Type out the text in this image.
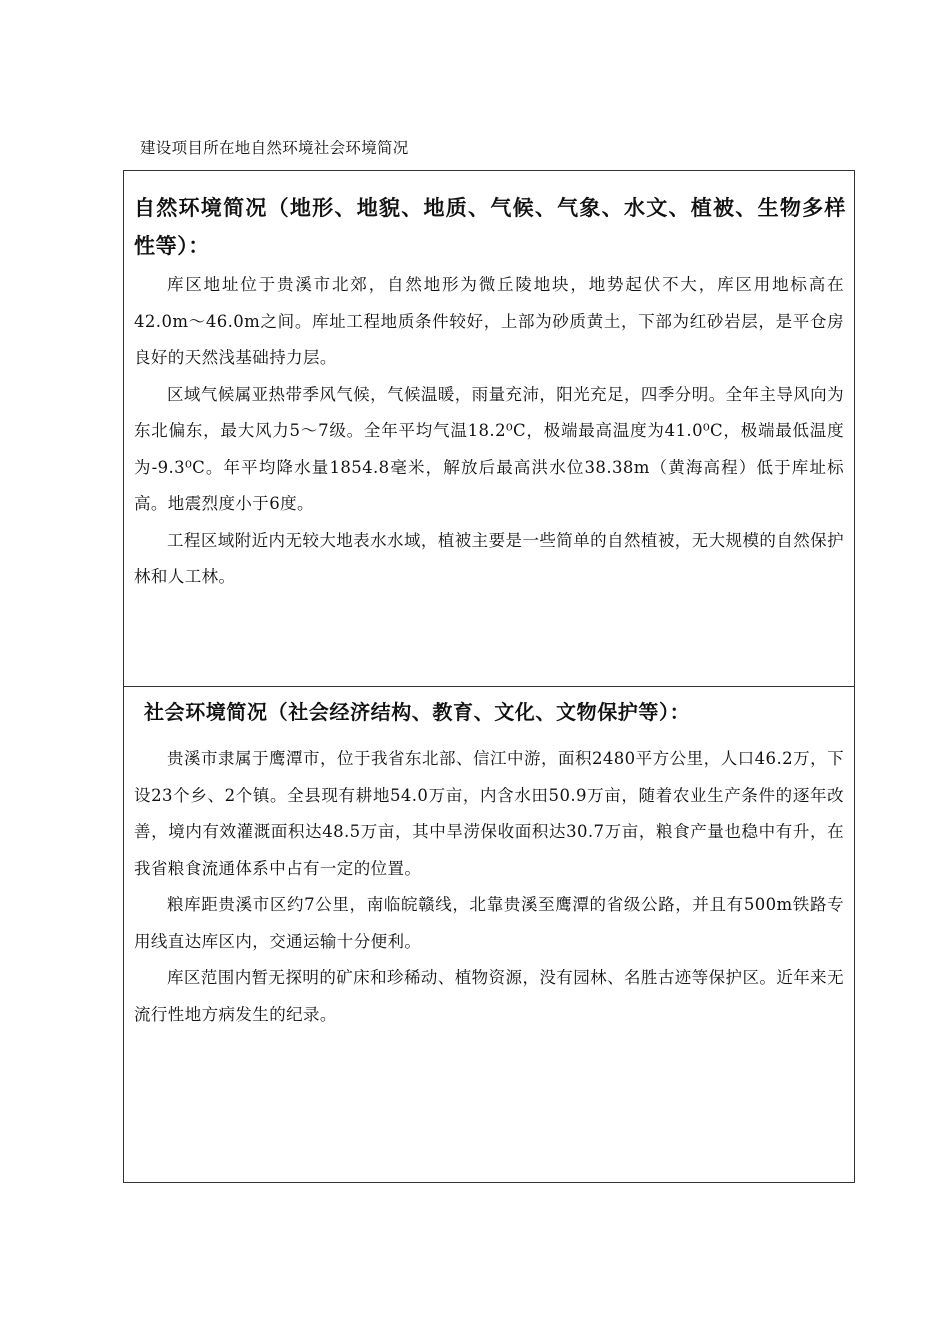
建设项目所在地自然环境社会环境简况
自然环境简况（地形、地貌、地质、气候、气象、水文、植被、生物多样性等）：

库区地址位于贵溪市北郊，自然地形为微丘陵地块，地势起伏不大，库区用地标高在42.0m～46.0m之间。库址工程地质条件较好，上部为砂质黄土，下部为红砂岩层，是平仓房良好的天然浅基础持力层。

区域气候属亚热带季风气候，气候温暖，雨量充沛，阳光充足，四季分明。全年主导风向为东北偏东，最大风力5～7级。全年平均气温18.2⁰C，极端最高温度为41.0⁰C，极端最低温度为-9.3⁰C。年平均降水量1854.8毫米，解放后最高洪水位38.38m（黄海高程）低于库址标高。地震烈度小于6度。

工程区域附近内无较大地表水水域，植被主要是一些简单的自然植被，无大规模的自然保护林和人工林。

社会环境简况（社会经济结构、教育、文化、文物保护等）：

贵溪市隶属于鹰潭市，位于我省东北部、信江中游，面积2480平方公里，人口46.2万，下设23个乡、2个镇。全县现有耕地54.0万亩，内含水田50.9万亩，随着农业生产条件的逐年改善，境内有效灌溉面积达48.5万亩，其中旱涝保收面积达30.7万亩，粮食产量也稳中有升，在我省粮食流通体系中占有一定的位置。

粮库距贵溪市区约7公里，南临皖赣线，北靠贵溪至鹰潭的省级公路，并且有500m铁路专用线直达库区内，交通运输十分便利。

库区范围内暂无探明的矿床和珍稀动、植物资源，没有园林、名胜古迹等保护区。近年来无流行性地方病发生的纪录。
